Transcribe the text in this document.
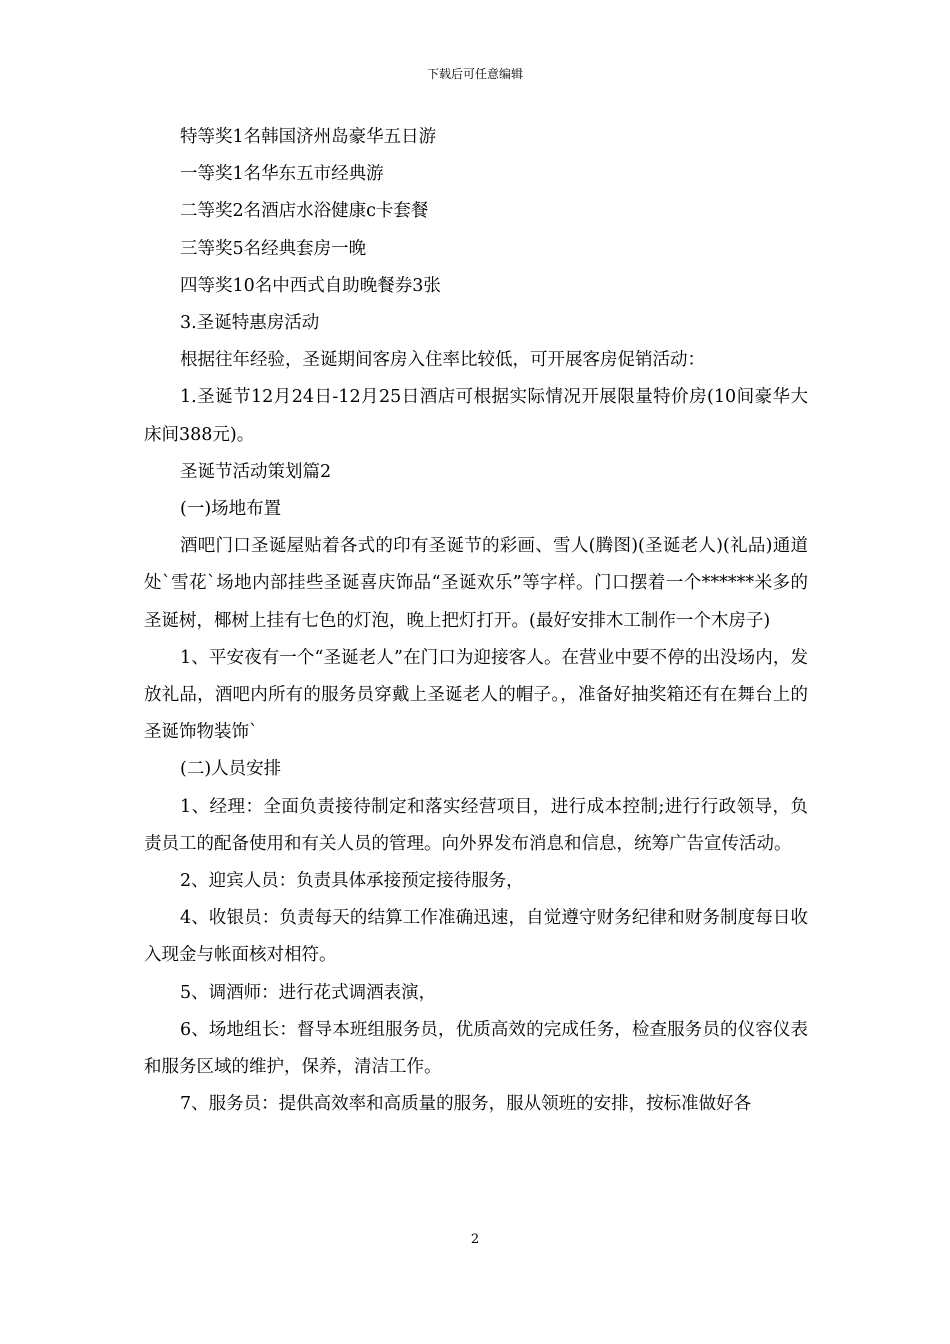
下载后可任意编辑

特等奖1名韩国济州岛豪华五日游

一等奖1名华东五市经典游

二等奖2名酒店水浴健康c卡套餐

三等奖5名经典套房一晚

四等奖10名中西式自助晚餐券3张

3.圣诞特惠房活动

根据往年经验，圣诞期间客房入住率比较低，可开展客房促销活动：

1.圣诞节12月24日-12月25日酒店可根据实际情况开展限量特价房(10间豪华大床间388元)。

圣诞节活动策划篇2

(一)场地布置

酒吧门口圣诞屋贴着各式的印有圣诞节的彩画、雪人(腾图)(圣诞老人)(礼品)通道处`雪花`场地内部挂些圣诞喜庆饰品“圣诞欢乐”等字样。门口摆着一个******米多的圣诞树，椰树上挂有七色的灯泡，晚上把灯打开。(最好安排木工制作一个木房子)

1、平安夜有一个“圣诞老人”在门口为迎接客人。在营业中要不停的出没场内，发放礼品，酒吧内所有的服务员穿戴上圣诞老人的帽子。，准备好抽奖箱还有在舞台上的圣诞饰物装饰`

(二)人员安排

1、经理：全面负责接待制定和落实经营项目，进行成本控制;进行行政领导，负责员工的配备使用和有关人员的管理。向外界发布消息和信息，统筹广告宣传活动。

2、迎宾人员：负责具体承接预定接待服务，

4、收银员：负责每天的结算工作准确迅速，自觉遵守财务纪律和财务制度每日收入现金与帐面核对相符。

5、调酒师：进行花式调酒表演，

6、场地组长：督导本班组服务员，优质高效的完成任务，检查服务员的仪容仪表和服务区域的维护，保养，清洁工作。

7、服务员：提供高效率和高质量的服务，服从领班的安排，按标准做好各

2
